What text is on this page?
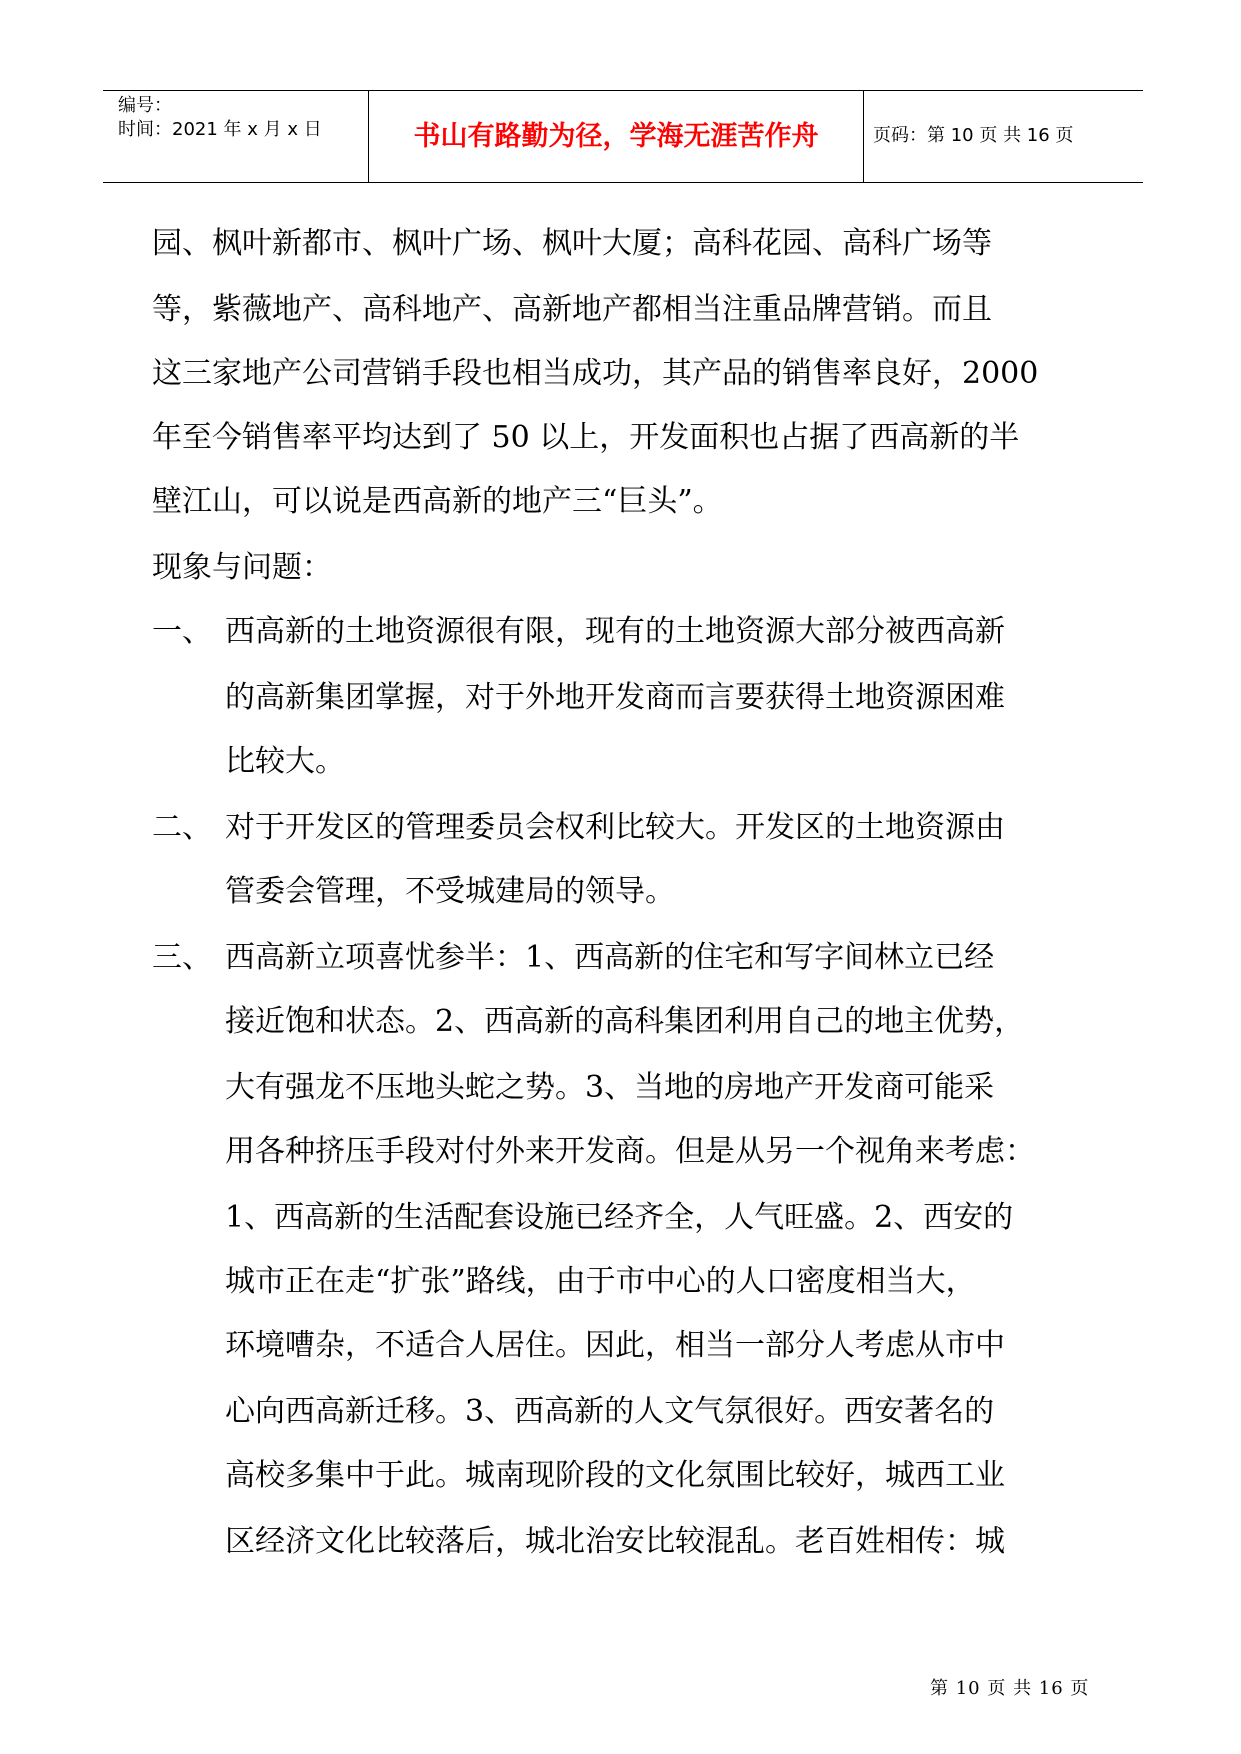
编号：
时间：2021 年 x 月 x 日	书山有路勤为径，学海无涯苦作舟	页码：第 10 页 共 16 页
园、枫叶新都市、枫叶广场、枫叶大厦；高科花园、高科广场等
等，紫薇地产、高科地产、高新地产都相当注重品牌营销。而且
这三家地产公司营销手段也相当成功，其产品的销售率良好，2000
年至今销售率平均达到了 50 以上，开发面积也占据了西高新的半
壁江山，可以说是西高新的地产三“巨头”。
现象与问题：
一、 西高新的土地资源很有限，现有的土地资源大部分被西高新
的高新集团掌握，对于外地开发商而言要获得土地资源困难
比较大。
二、 对于开发区的管理委员会权利比较大。开发区的土地资源由
管委会管理，不受城建局的领导。
三、 西高新立项喜忧参半：1、西高新的住宅和写字间林立已经
接近饱和状态。2、西高新的高科集团利用自己的地主优势，
大有强龙不压地头蛇之势。3、当地的房地产开发商可能采
用各种挤压手段对付外来开发商。但是从另一个视角来考虑：
1、西高新的生活配套设施已经齐全，人气旺盛。2、西安的
城市正在走“扩张”路线，由于市中心的人口密度相当大，
环境嘈杂，不适合人居住。因此，相当一部分人考虑从市中
心向西高新迁移。3、西高新的人文气氛很好。西安著名的
高校多集中于此。城南现阶段的文化氛围比较好，城西工业
区经济文化比较落后，城北治安比较混乱。老百姓相传：城
第 10 页 共 16 页
